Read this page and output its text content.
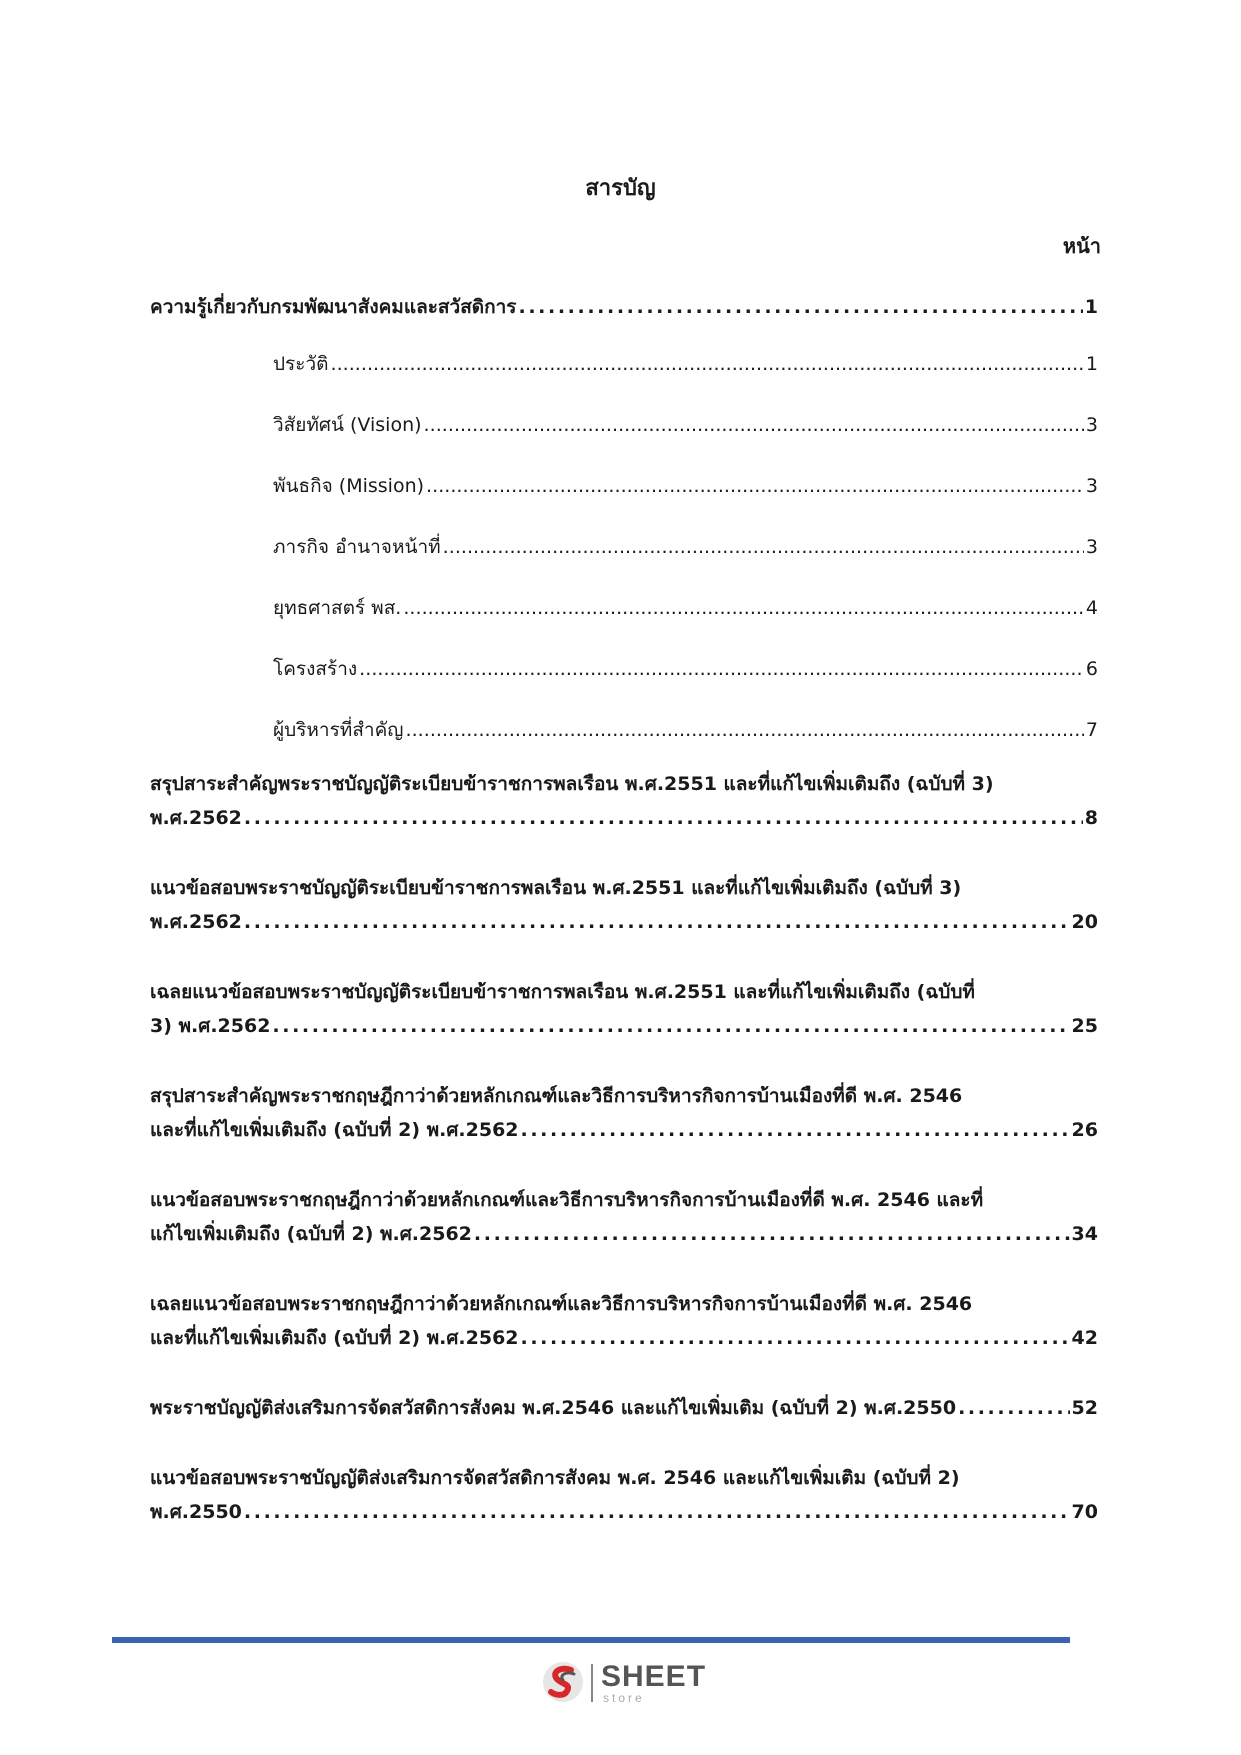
สารบัญ
หน้า
ความรู้เกี่ยวกับกรมพัฒนาสังคมและสวัสดิการ . . .	1
ประวัติ . . .	1
วิสัยทัศน์ (Vision) . . .	3
พันธกิจ (Mission) . . .	3
ภารกิจ อำนาจหน้าที่ . . .	3
ยุทธศาสตร์ พส. . . .	4
โครงสร้าง . . .	6
ผู้บริหารที่สำคัญ . . .	7
สรุปสาระสำคัญพระราชบัญญัติระเบียบข้าราชการพลเรือน พ.ศ.2551 และที่แก้ไขเพิ่มเติมถึง (ฉบับที่ 3)
พ.ศ.2562 . . .	8
แนวข้อสอบพระราชบัญญัติระเบียบข้าราชการพลเรือน พ.ศ.2551 และที่แก้ไขเพิ่มเติมถึง (ฉบับที่ 3)
พ.ศ.2562 . . .	20
เฉลยแนวข้อสอบพระราชบัญญัติระเบียบข้าราชการพลเรือน พ.ศ.2551 และที่แก้ไขเพิ่มเติมถึง (ฉบับที่
3) พ.ศ.2562 . . .	25
สรุปสาระสำคัญพระราชกฤษฎีกาว่าด้วยหลักเกณฑ์และวิธีการบริหารกิจการบ้านเมืองที่ดี พ.ศ. 2546
และที่แก้ไขเพิ่มเติมถึง (ฉบับที่ 2) พ.ศ.2562 . . .	26
แนวข้อสอบพระราชกฤษฎีกาว่าด้วยหลักเกณฑ์และวิธีการบริหารกิจการบ้านเมืองที่ดี พ.ศ. 2546 และที่
แก้ไขเพิ่มเติมถึง (ฉบับที่ 2) พ.ศ.2562 . . .	34
เฉลยแนวข้อสอบพระราชกฤษฎีกาว่าด้วยหลักเกณฑ์และวิธีการบริหารกิจการบ้านเมืองที่ดี พ.ศ. 2546
และที่แก้ไขเพิ่มเติมถึง (ฉบับที่ 2) พ.ศ.2562 . . .	42
พระราชบัญญัติส่งเสริมการจัดสวัสดิการสังคม พ.ศ.2546 และแก้ไขเพิ่มเติม (ฉบับที่ 2) พ.ศ.2550 . . .	52
แนวข้อสอบพระราชบัญญัติส่งเสริมการจัดสวัสดิการสังคม พ.ศ. 2546 และแก้ไขเพิ่มเติม (ฉบับที่ 2)
พ.ศ.2550 . . .	70
SHEET
store
